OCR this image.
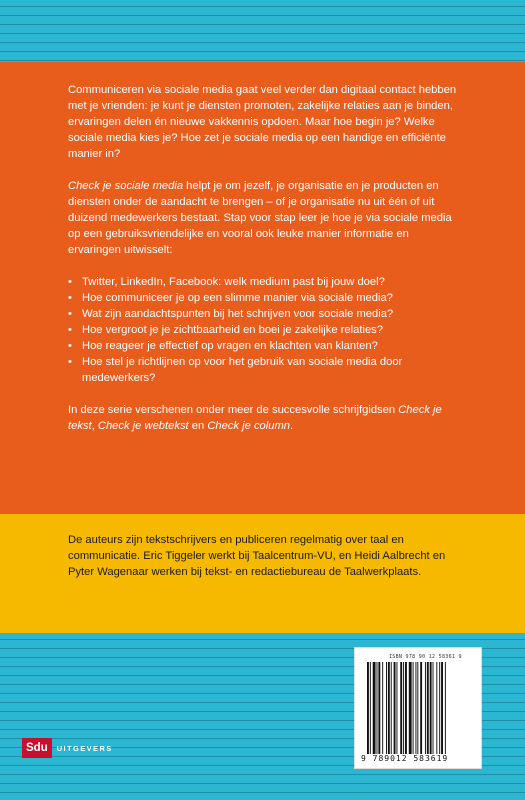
Communiceren via sociale media gaat veel verder dan digitaal contact hebben met je vrienden: je kunt je diensten promoten, zakelijke relaties aan je binden, ervaringen delen én nieuwe vakkennis opdoen. Maar hoe begin je? Welke sociale media kies je? Hoe zet je sociale media op een handige en efficiënte manier in?

Check je sociale media helpt je om jezelf, je organisatie en je producten en diensten onder de aandacht te brengen – of je organisatie nu uit één of uit duizend medewerkers bestaat. Stap voor stap leer je hoe je via sociale media op een gebruiksvriendelijke en vooral ook leuke manier informatie en ervaringen uitwisselt:

• Twitter, LinkedIn, Facebook: welk medium past bij jouw doel?
• Hoe communiceer je op een slimme manier via sociale media?
• Wat zijn aandachtspunten bij het schrijven voor sociale media?
• Hoe vergroot je je zichtbaarheid en boei je zakelijke relaties?
• Hoe reageer je effectief op vragen en klachten van klanten?
• Hoe stel je richtlijnen op voor het gebruik van sociale media door medewerkers?

In deze serie verschenen onder meer de succesvolle schrijfgidsen Check je tekst, Check je webtekst en Check je column.

De auteurs zijn tekstschrijvers en publiceren regelmatig over taal en communicatie. Eric Tiggeler werkt bij Taalcentrum-VU, en Heidi Aalbrecht en Pyter Wagenaar werken bij tekst- en redactiebureau de Taalwerkplaats.
ISBN 978 90 12 58361 9
9 789012 583619
Sdu	UITGEVERS
